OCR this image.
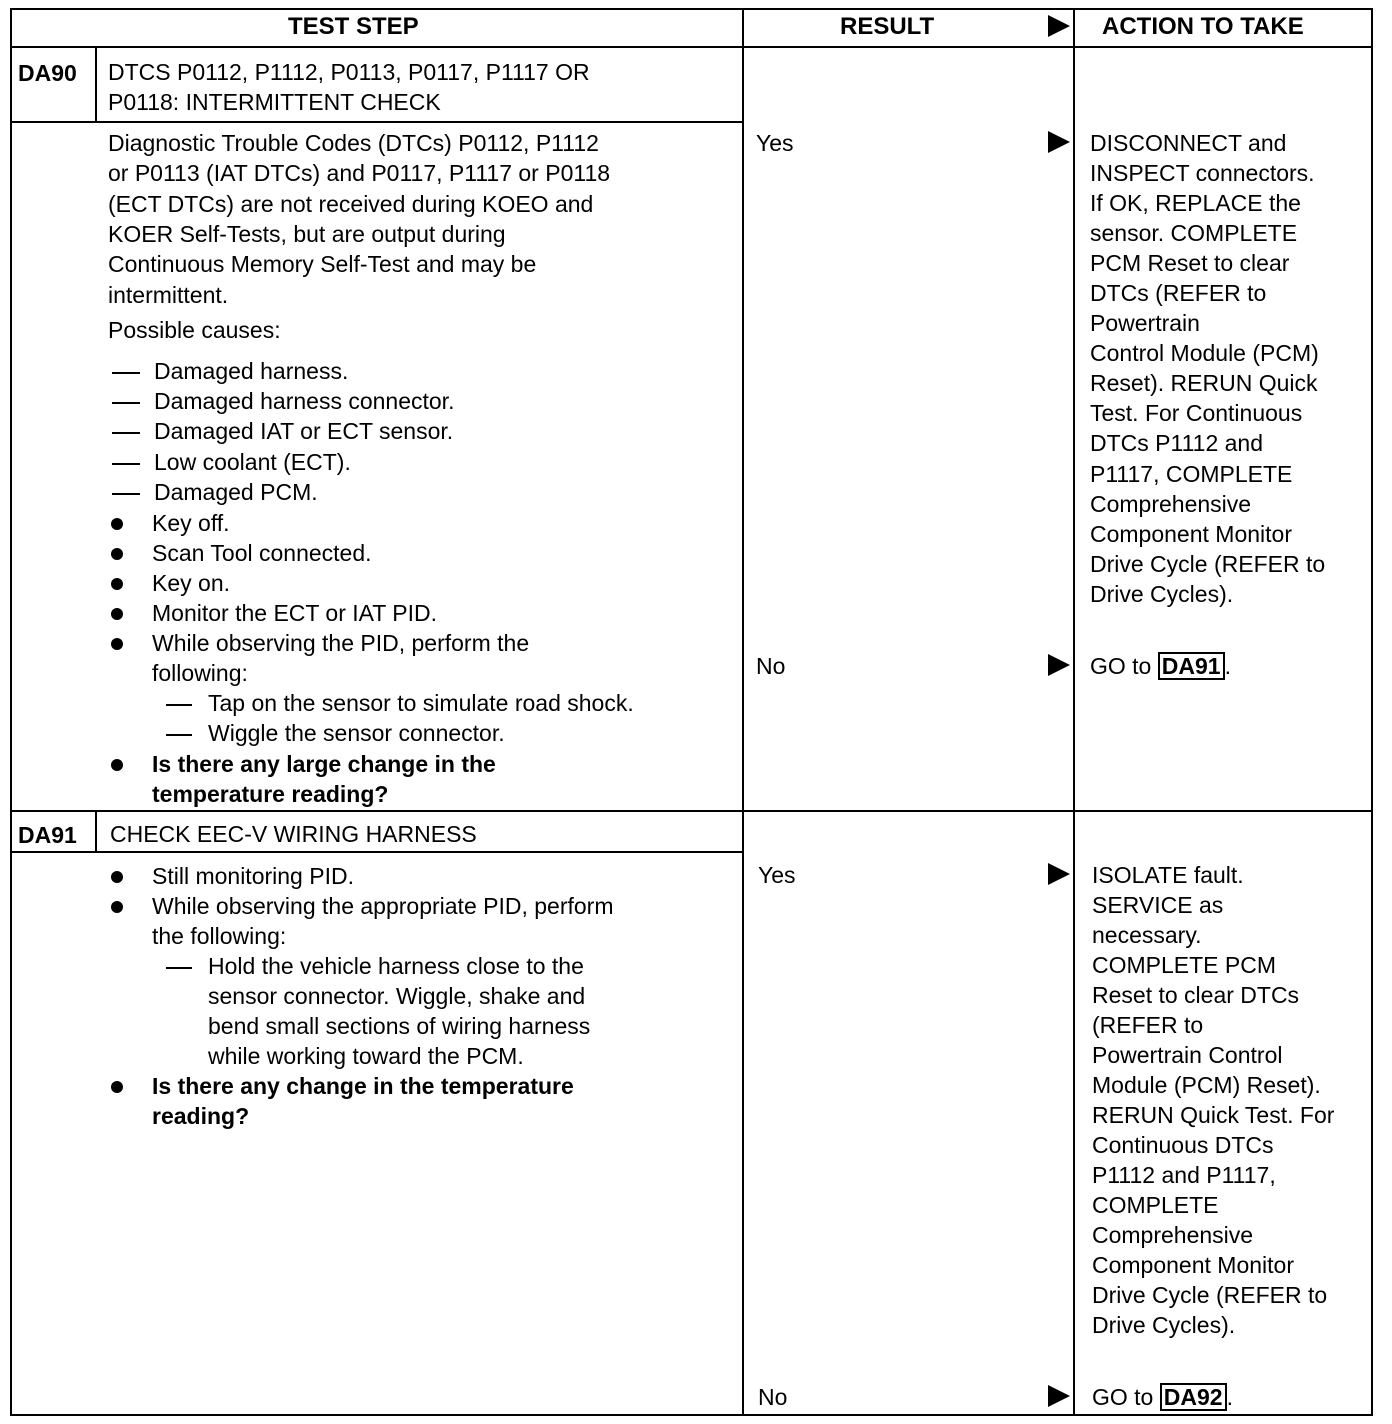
TEST STEP	RESULT	ACTION TO TAKE
DA90 DTCS P0112, P1112, P0113, P0117, P1117 OR
P0118: INTERMITTENT CHECK
Diagnostic Trouble Codes (DTCs) P0112, P1112
or P0113 (IAT DTCs) and P0117, P1117 or P0118
(ECT DTCs) are not received during KOEO and
KOER Self-Tests, but are output during
Continuous Memory Self-Test and may be
intermittent.
Possible causes:
Damaged harness.
Damaged harness connector.
Damaged IAT or ECT sensor.
Low coolant (ECT).
Damaged PCM.
Key off.
Scan Tool connected.
Key on.
Monitor the ECT or IAT PID.
While observing the PID, perform the
following:
Tap on the sensor to simulate road shock.
Wiggle the sensor connector.
Is there any large change in the
temperature reading?
Yes	DISCONNECT and
INSPECT connectors.
If OK, REPLACE the
sensor. COMPLETE
PCM Reset to clear
DTCs (REFER to
Powertrain
Control Module (PCM)
Reset). RERUN Quick
Test. For Continuous
DTCs P1112 and
P1117, COMPLETE
Comprehensive
Component Monitor
Drive Cycle (REFER to
Drive Cycles).
No	GO to DA91 .
DA91 CHECK EEC-V WIRING HARNESS
Still monitoring PID.
While observing the appropriate PID, perform
the following:
Hold the vehicle harness close to the
sensor connector. Wiggle, shake and
bend small sections of wiring harness
while working toward the PCM.
Is there any change in the temperature
reading?
Yes	ISOLATE fault.
SERVICE as
necessary.
COMPLETE PCM
Reset to clear DTCs
(REFER to
Powertrain Control
Module (PCM) Reset).
RERUN Quick Test. For
Continuous DTCs
P1112 and P1117,
COMPLETE
Comprehensive
Component Monitor
Drive Cycle (REFER to
Drive Cycles).
No	GO to DA92 .
